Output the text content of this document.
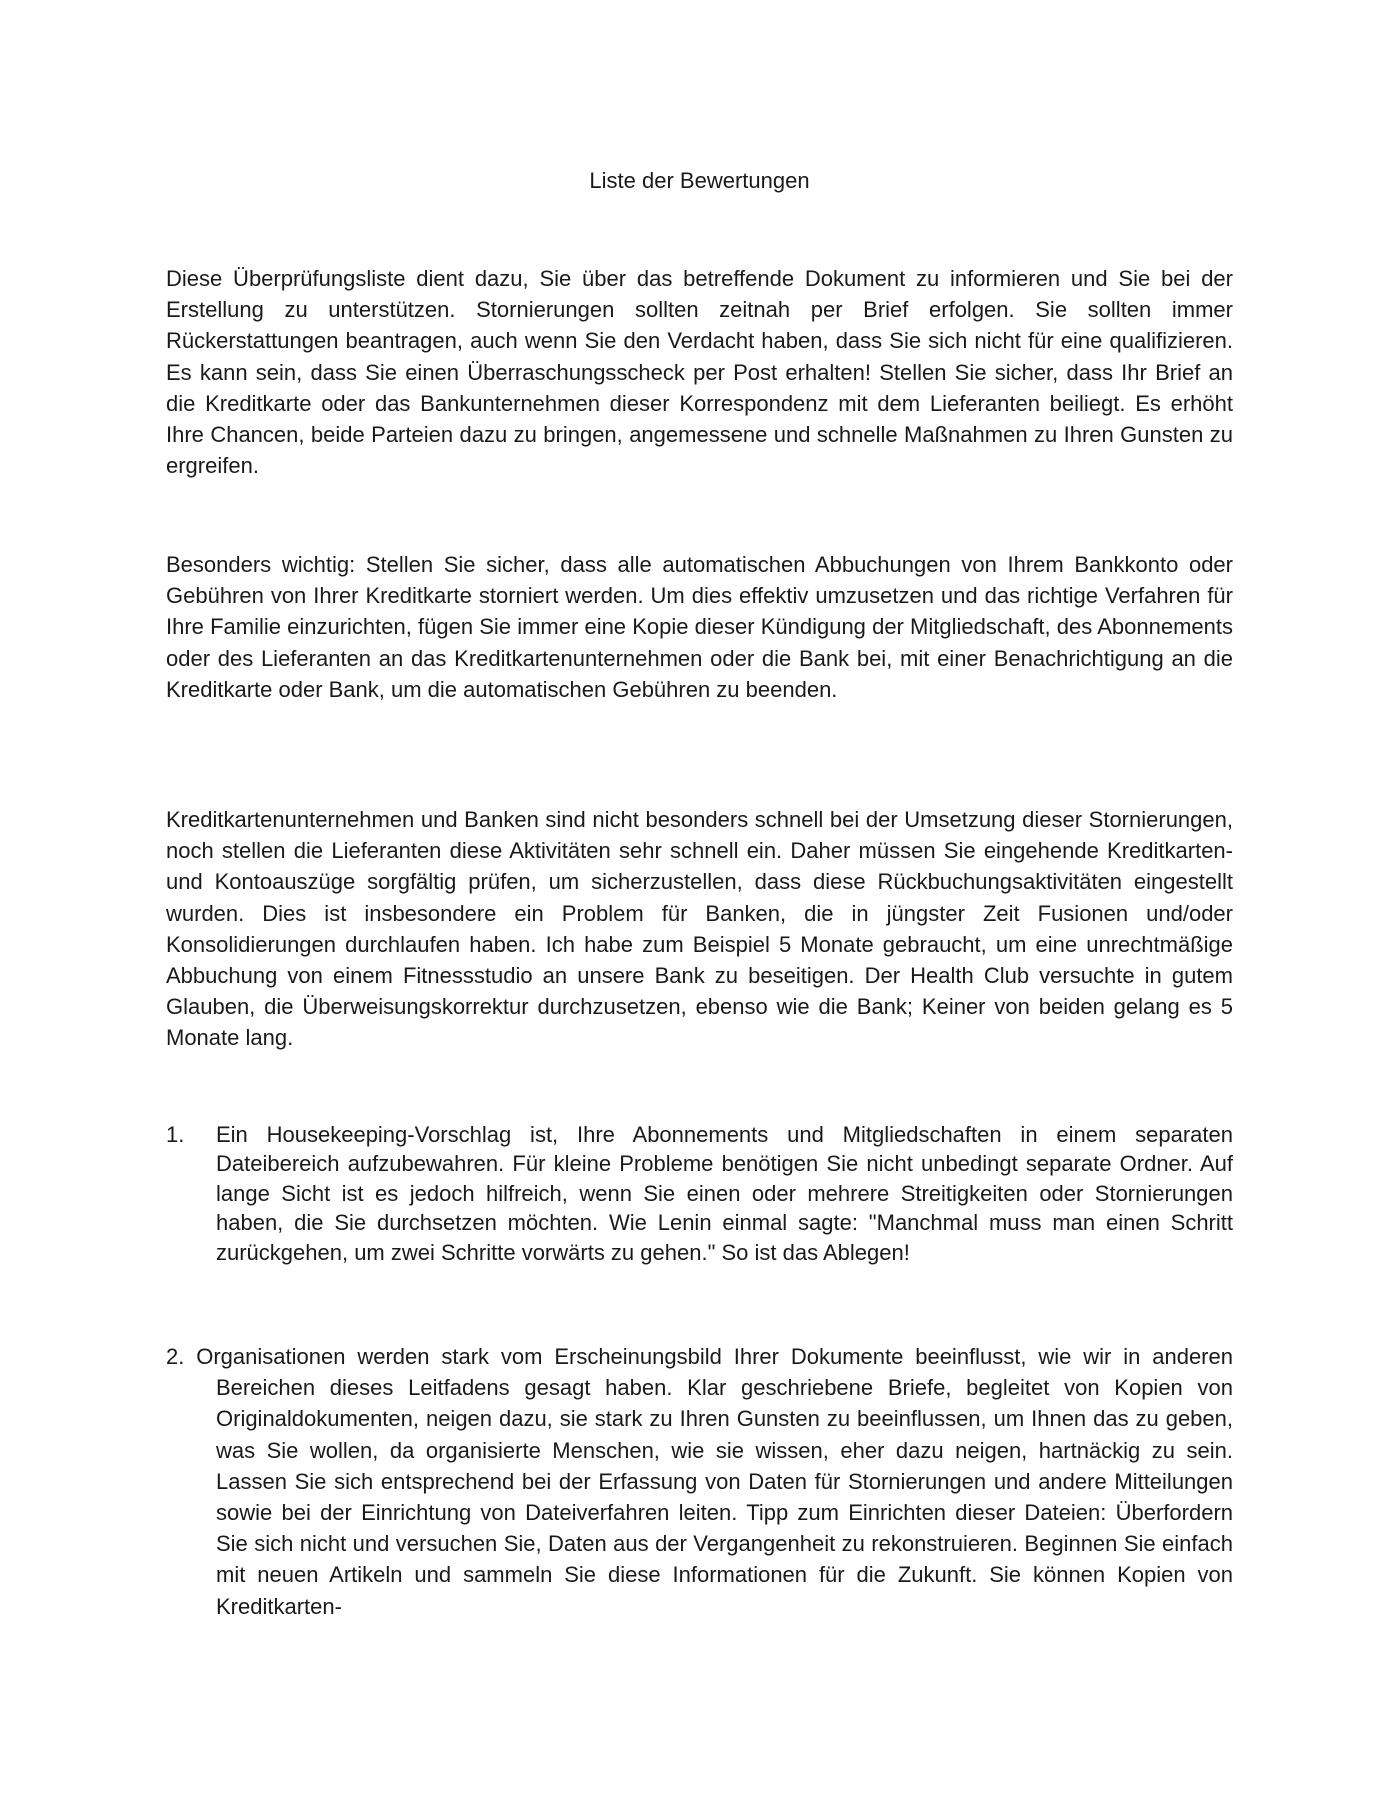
Liste der Bewertungen

Diese Überprüfungsliste dient dazu, Sie über das betreffende Dokument zu informieren und Sie bei der Erstellung zu unterstützen. Stornierungen sollten zeitnah per Brief erfolgen. Sie sollten immer Rückerstattungen beantragen, auch wenn Sie den Verdacht haben, dass Sie sich nicht für eine qualifizieren. Es kann sein, dass Sie einen Überraschungsscheck per Post erhalten! Stellen Sie sicher, dass Ihr Brief an die Kreditkarte oder das Bankunternehmen dieser Korrespondenz mit dem Lieferanten beiliegt. Es erhöht Ihre Chancen, beide Parteien dazu zu bringen, angemessene und schnelle Maßnahmen zu Ihren Gunsten zu ergreifen.

Besonders wichtig: Stellen Sie sicher, dass alle automatischen Abbuchungen von Ihrem Bankkonto oder Gebühren von Ihrer Kreditkarte storniert werden. Um dies effektiv umzusetzen und das richtige Verfahren für Ihre Familie einzurichten, fügen Sie immer eine Kopie dieser Kündigung der Mitgliedschaft, des Abonnements oder des Lieferanten an das Kreditkartenunternehmen oder die Bank bei, mit einer Benachrichtigung an die Kreditkarte oder Bank, um die automatischen Gebühren zu beenden.

Kreditkartenunternehmen und Banken sind nicht besonders schnell bei der Umsetzung dieser Stornierungen, noch stellen die Lieferanten diese Aktivitäten sehr schnell ein. Daher müssen Sie eingehende Kreditkarten- und Kontoauszüge sorgfältig prüfen, um sicherzustellen, dass diese Rückbuchungsaktivitäten eingestellt wurden. Dies ist insbesondere ein Problem für Banken, die in jüngster Zeit Fusionen und/oder Konsolidierungen durchlaufen haben. Ich habe zum Beispiel 5 Monate gebraucht, um eine unrechtmäßige Abbuchung von einem Fitnessstudio an unsere Bank zu beseitigen. Der Health Club versuchte in gutem Glauben, die Überweisungskorrektur durchzusetzen, ebenso wie die Bank; Keiner von beiden gelang es 5 Monate lang.

1.	Ein Housekeeping-Vorschlag ist, Ihre Abonnements und Mitgliedschaften in einem separaten Dateibereich aufzubewahren. Für kleine Probleme benötigen Sie nicht unbedingt separate Ordner. Auf lange Sicht ist es jedoch hilfreich, wenn Sie einen oder mehrere Streitigkeiten oder Stornierungen haben, die Sie durchsetzen möchten. Wie Lenin einmal sagte: "Manchmal muss man einen Schritt zurückgehen, um zwei Schritte vorwärts zu gehen." So ist das Ablegen!

2. Organisationen werden stark vom Erscheinungsbild Ihrer Dokumente beeinflusst, wie wir in anderen Bereichen dieses Leitfadens gesagt haben. Klar geschriebene Briefe, begleitet von Kopien von Originaldokumenten, neigen dazu, sie stark zu Ihren Gunsten zu beeinflussen, um Ihnen das zu geben, was Sie wollen, da organisierte Menschen, wie sie wissen, eher dazu neigen, hartnäckig zu sein. Lassen Sie sich entsprechend bei der Erfassung von Daten für Stornierungen und andere Mitteilungen sowie bei der Einrichtung von Dateiverfahren leiten. Tipp zum Einrichten dieser Dateien: Überfordern Sie sich nicht und versuchen Sie, Daten aus der Vergangenheit zu rekonstruieren. Beginnen Sie einfach mit neuen Artikeln und sammeln Sie diese Informationen für die Zukunft. Sie können Kopien von Kreditkarten-
